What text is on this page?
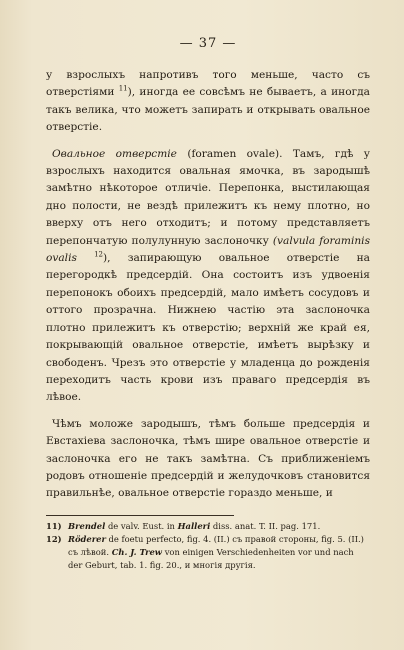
— 37 —

у взрослыхъ напротивъ того меньше, часто съ отверстіями $^{11}$), иногда ее совсѣмъ не бываетъ, а иногда такъ велика, что можетъ запирать и открывать овальное отверстіе.

Овальное отверстіе (foramen ovale). Тамъ, гдѣ у взрослыхъ находится овальная ямочка, въ зародышѣ замѣтно нѣкоторое отличіе. Перепонка, выстилающая дно полости, не вездѣ прилежитъ къ нему плотно, но вверху отъ него отходитъ; и потому представляетъ перепончатую полулунную заслоночку (valvula foraminis ovalis $^{12}$), запирающую овальное отверстіе на перегородкѣ предсердій. Она состоитъ изъ удвоенія перепонокъ обоихъ предсердій, мало имѣетъ сосудовъ и оттого прозрачна. Нижнею частію эта заслоночка плотно прилежитъ къ отверстію; верхній же край ея, покрывающій овальное отверстіе, имѣетъ вырѣзку и свободенъ. Чрезъ это отверстіе у младенца до рожденія переходитъ часть крови изъ праваго предсердія въ лѣвое.

Чѣмъ моложе зародышъ, тѣмъ больше предсердія и Евстахіева заслоночка, тѣмъ шире овальное отверстіе и заслоночка его не такъ замѣтна. Съ приближеніемъ родовъ отношеніе предсердій и желудочковъ становится правильнѣе, овальное отверстіе гораздо меньше, и

11) Brendel de valv. Eust. in Halleri diss. anat. T. II. pag. 171.
12) Röderer de foetu perfecto, fig. 4. (II.) съ правой стороны, fig. 5. (II.) съ лѣвой. Ch. J. Trew von einigen Verschiedenheiten vor und nach der Geburt, tab. 1. fig. 20., и многія другія.
